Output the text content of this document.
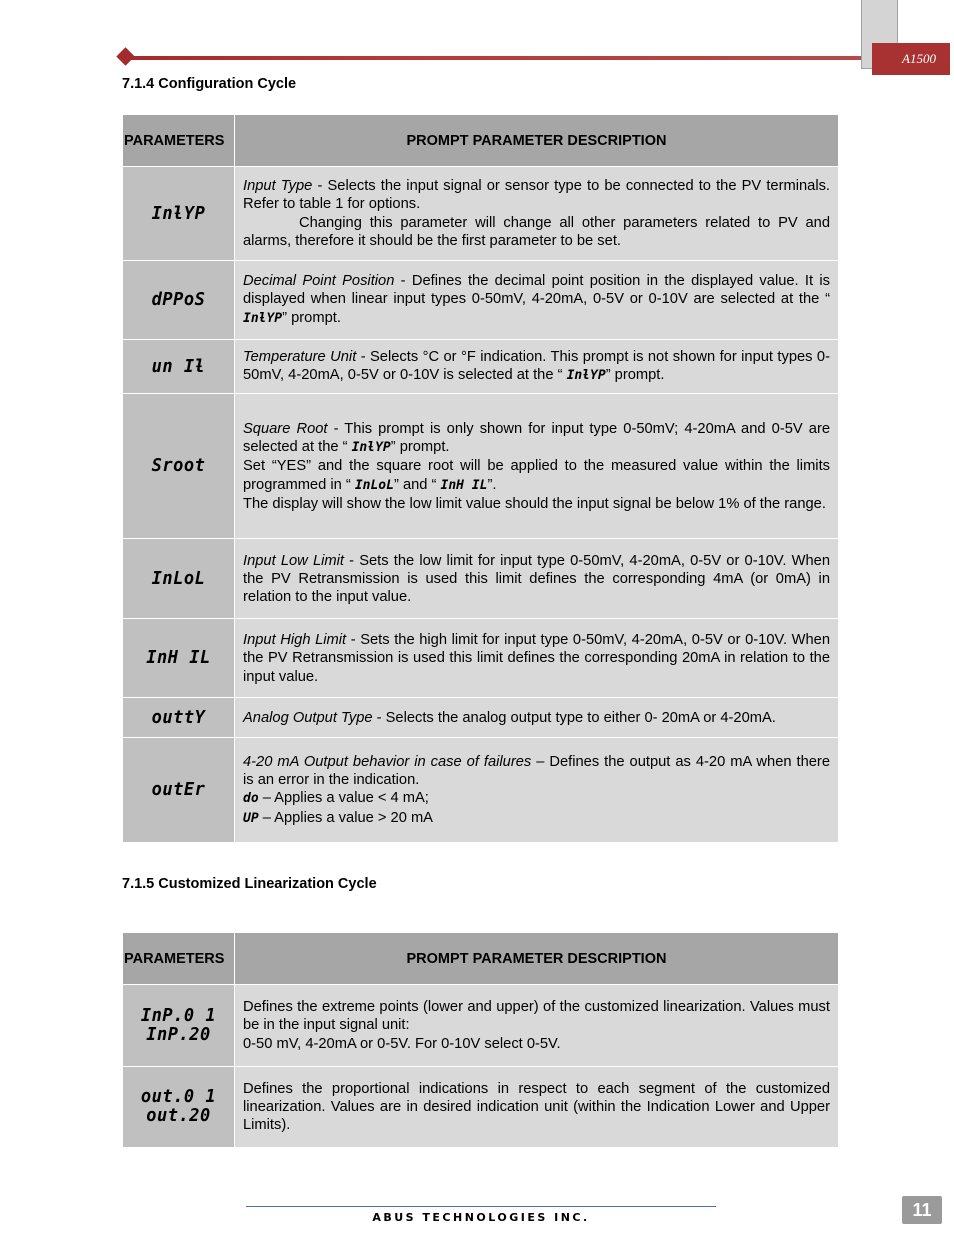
A1500
7.1.4 Configuration Cycle
PARAMETERS	PROMPT PARAMETER DESCRIPTION
InƚYP	Input Type - Selects the input signal or sensor type to be connected to the PV terminals. Refer to table 1 for options.
Changing this parameter will change all other parameters related to PV and alarms, therefore it should be the first parameter to be set.
dPPoS	Decimal Point Position - Defines the decimal point position in the displayed value. It is displayed when linear input types 0-50mV, 4-20mA, 0-5V or 0-10V are selected at the “ InƚYP” prompt.
un Iƚ	Temperature Unit - Selects °C or °F indication. This prompt is not shown for input types 0-50mV, 4-20mA, 0-5V or 0-10V is selected at the “ InƚYP” prompt.
Sroot	Square Root - This prompt is only shown for input type 0-50mV; 4-20mA and 0-5V are selected at the “ InƚYP” prompt.
Set “YES” and the square root will be applied to the measured value within the limits programmed in “ InLoL” and “ InH IL”.
The display will show the low limit value should the input signal be below 1% of the range.
InLoL	Input Low Limit - Sets the low limit for input type 0-50mV, 4-20mA, 0-5V or 0-10V. When the PV Retransmission is used this limit defines the corresponding 4mA (or 0mA) in relation to the input value.
InH IL	Input High Limit - Sets the high limit for input type 0-50mV, 4-20mA, 0-5V or 0-10V. When the PV Retransmission is used this limit defines the corresponding 20mA in relation to the input value.
outtY	Analog Output Type - Selects the analog output type to either 0- 20mA or 4-20mA.
outEr	4-20 mA Output behavior in case of failures – Defines the output as 4-20 mA when there is an error in the indication.
do – Applies a value < 4 mA;
UP – Applies a value > 20 mA
7.1.5 Customized Linearization Cycle
PARAMETERS	PROMPT PARAMETER DESCRIPTION

InP.0 1
InP.20	Defines the extreme points (lower and upper) of the customized linearization. Values must be in the input signal unit:
0-50 mV, 4-20mA or 0-5V. For 0-10V select 0-5V.

out.0 1
out.20	Defines the proportional indications in respect to each segment of the customized linearization. Values are in desired indication unit (within the Indication Lower and Upper Limits).
ABUS TECHNOLOGIES INC.	11
